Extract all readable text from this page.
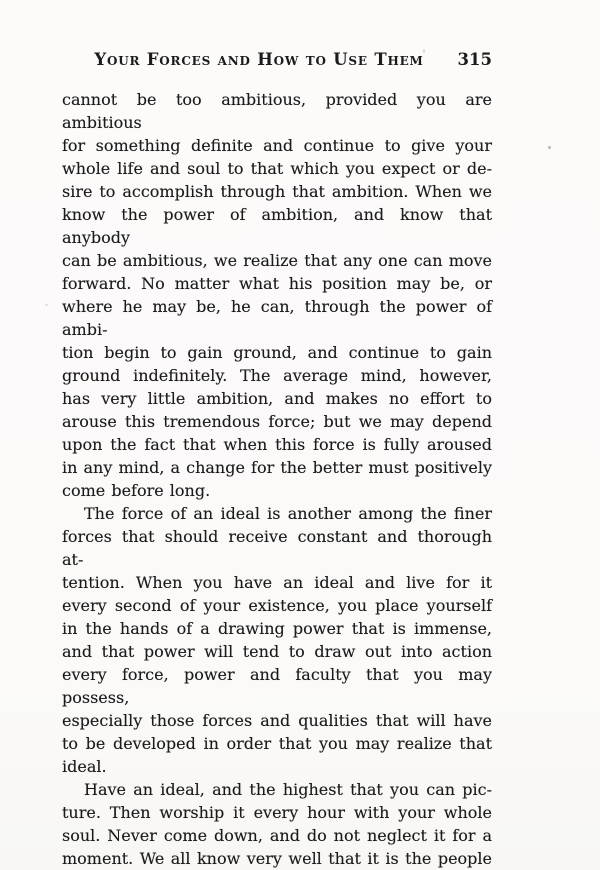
Your Forces and How to Use Them	315
cannot be too ambitious, provided you are ambitious
for something definite and continue to give your
whole life and soul to that which you expect or de-
sire to accomplish through that ambition. When we
know the power of ambition, and know that anybody
can be ambitious, we realize that any one can move
forward. No matter what his position may be, or
where he may be, he can, through the power of ambi-
tion begin to gain ground, and continue to gain
ground indefinitely. The average mind, however,
has very little ambition, and makes no effort to
arouse this tremendous force; but we may depend
upon the fact that when this force is fully aroused
in any mind, a change for the better must positively
come before long.
The force of an ideal is another among the finer
forces that should receive constant and thorough at-
tention. When you have an ideal and live for it
every second of your existence, you place yourself
in the hands of a drawing power that is immense,
and that power will tend to draw out into action
every force, power and faculty that you may possess,
especially those forces and qualities that will have
to be developed in order that you may realize that
ideal.
Have an ideal, and the highest that you can pic-
ture. Then worship it every hour with your whole
soul. Never come down, and do not neglect it for a
moment. We all know very well that it is the people
